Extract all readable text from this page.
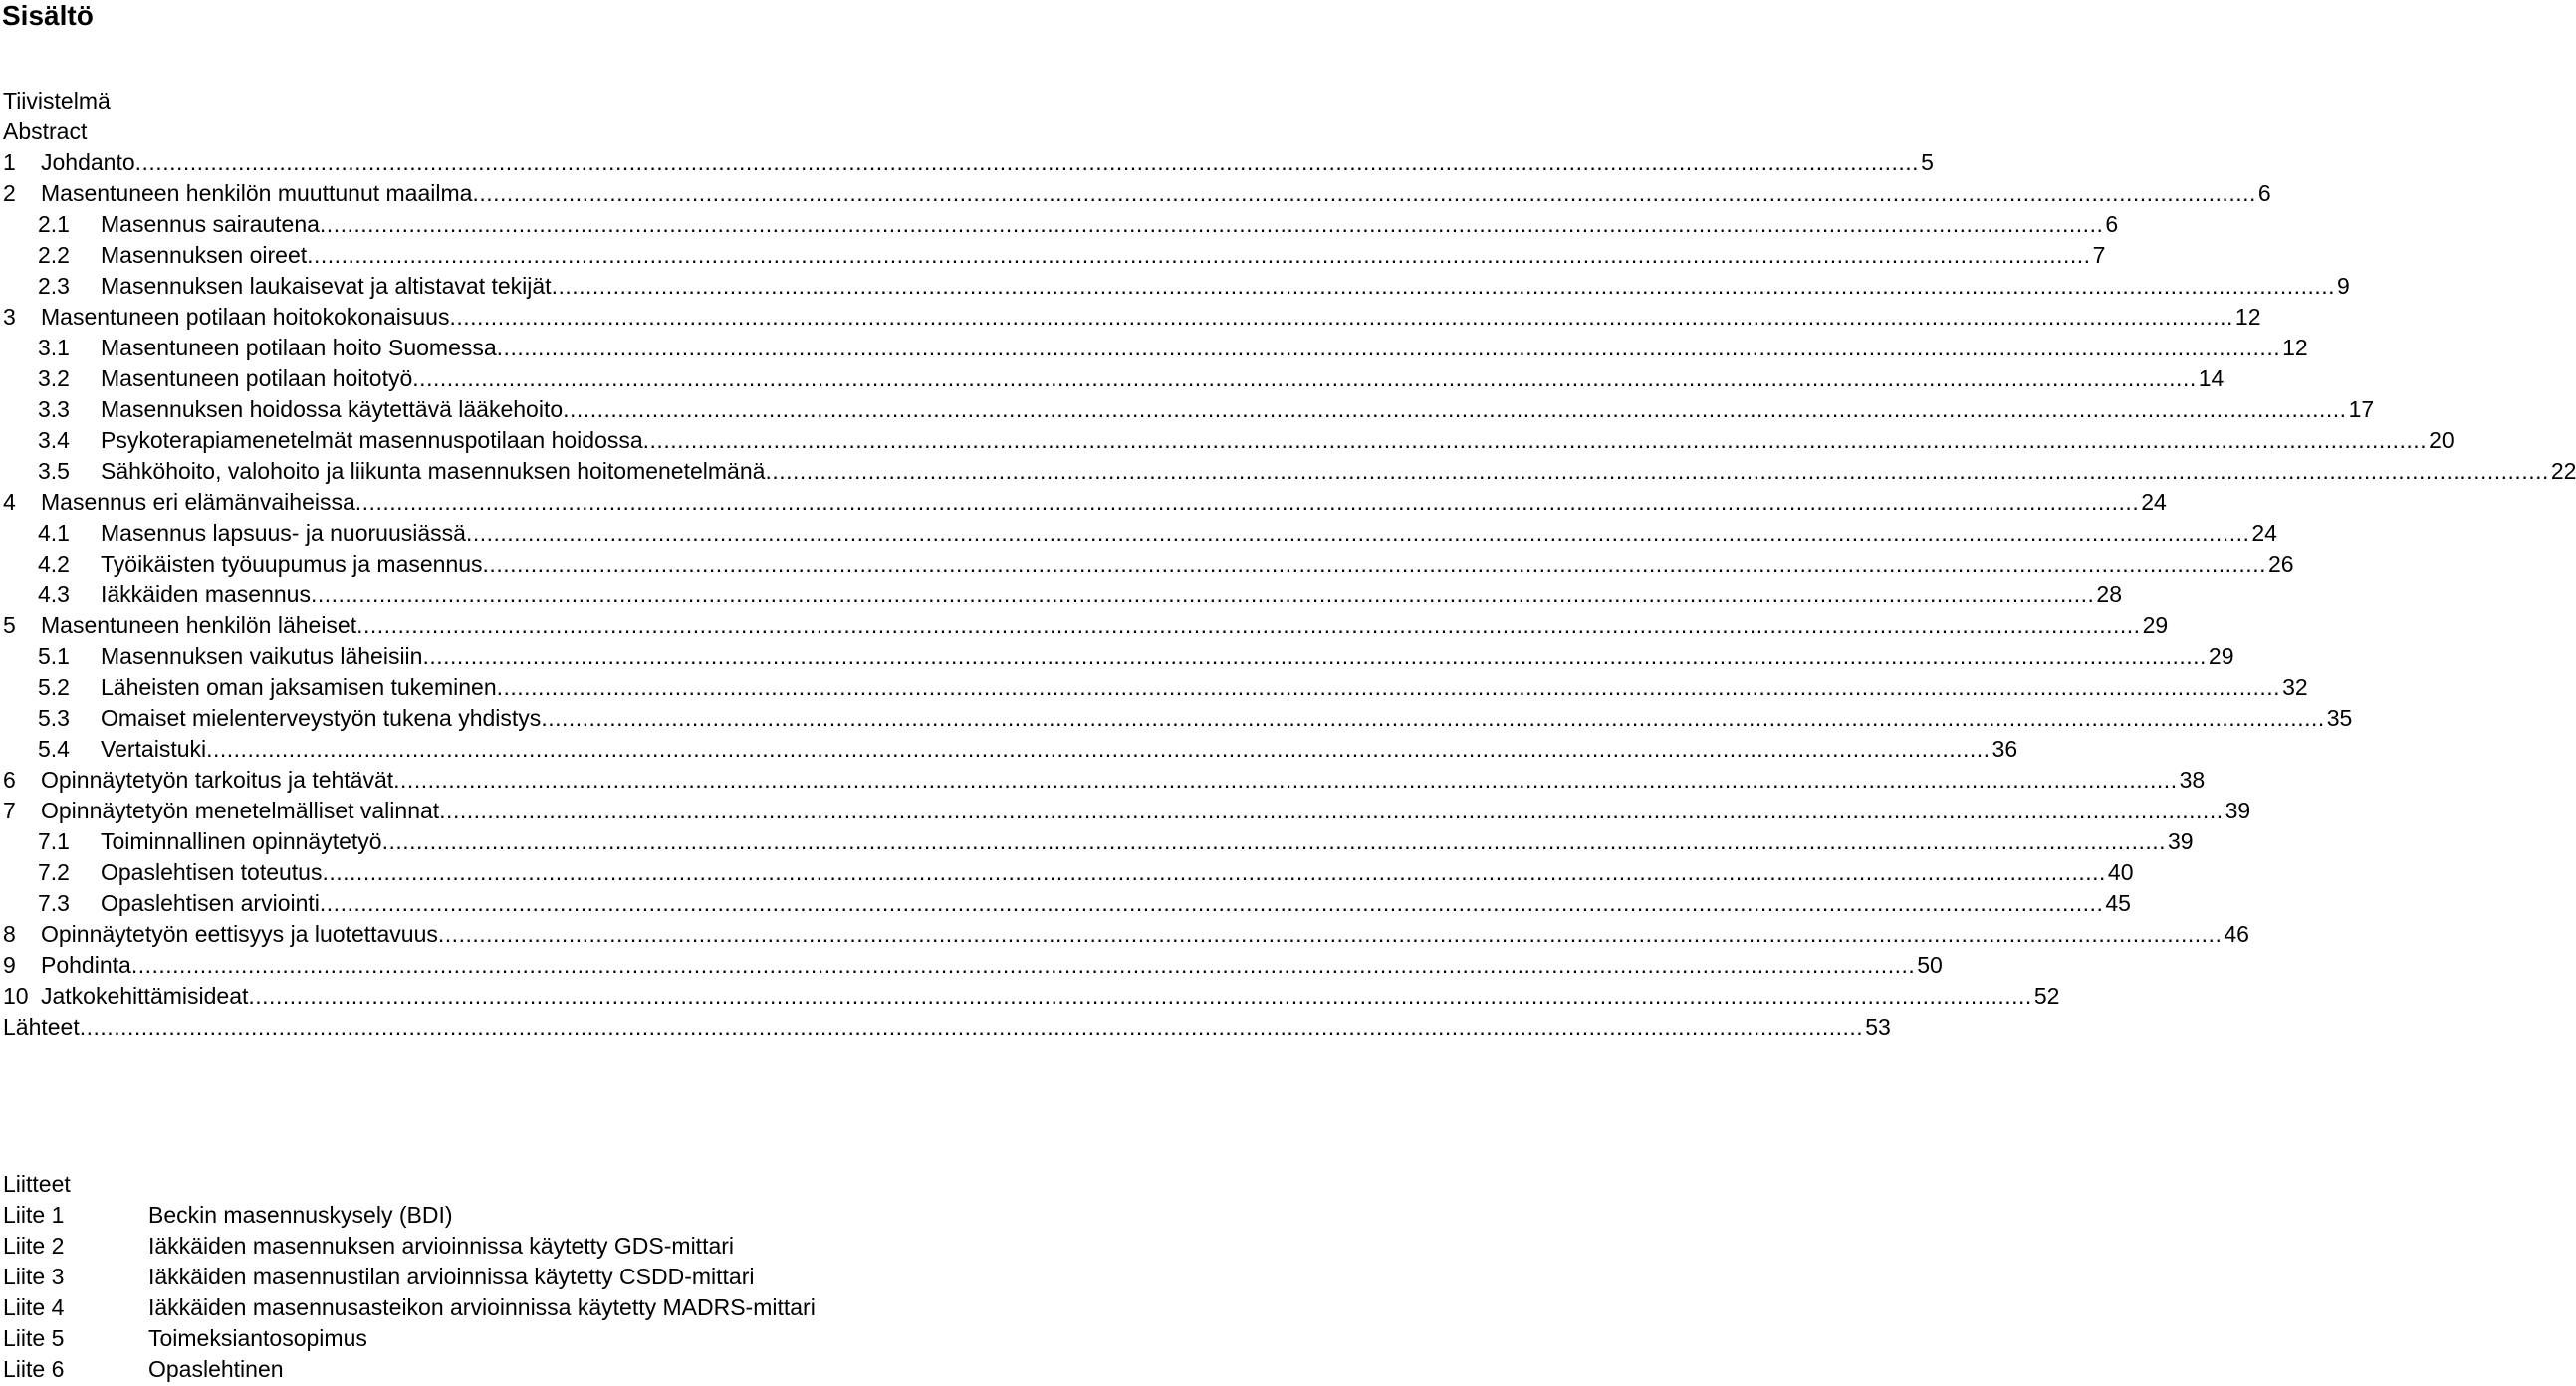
Sisältö
Tiivistelmä
Abstract
1 Johdanto .................................................................................................................................................................................................................................................................... 5
2 Masentuneen henkilön muuttunut maailma .................................................................................................................................................................................................................................................................... 6
2.1 Masennus sairautena .................................................................................................................................................................................................................................................................... 6
2.2 Masennuksen oireet .................................................................................................................................................................................................................................................................... 7
2.3 Masennuksen laukaisevat ja altistavat tekijät .................................................................................................................................................................................................................................................................... 9
3 Masentuneen potilaan hoitokokonaisuus .................................................................................................................................................................................................................................................................... 12
3.1 Masentuneen potilaan hoito Suomessa .................................................................................................................................................................................................................................................................... 12
3.2 Masentuneen potilaan hoitotyö .................................................................................................................................................................................................................................................................... 14
3.3 Masennuksen hoidossa käytettävä lääkehoito .................................................................................................................................................................................................................................................................... 17
3.4 Psykoterapiamenetelmät masennuspotilaan hoidossa .................................................................................................................................................................................................................................................................... 20
3.5 Sähköhoito, valohoito ja liikunta masennuksen hoitomenetelmänä .................................................................................................................................................................................................................................................................... 22
4 Masennus eri elämänvaiheissa .................................................................................................................................................................................................................................................................... 24
4.1 Masennus lapsuus- ja nuoruusiässä .................................................................................................................................................................................................................................................................... 24
4.2 Työikäisten työuupumus ja masennus .................................................................................................................................................................................................................................................................... 26
4.3 Iäkkäiden masennus .................................................................................................................................................................................................................................................................... 28
5 Masentuneen henkilön läheiset .................................................................................................................................................................................................................................................................... 29
5.1 Masennuksen vaikutus läheisiin .................................................................................................................................................................................................................................................................... 29
5.2 Läheisten oman jaksamisen tukeminen .................................................................................................................................................................................................................................................................... 32
5.3 Omaiset mielenterveystyön tukena yhdistys .................................................................................................................................................................................................................................................................... 35
5.4 Vertaistuki .................................................................................................................................................................................................................................................................... 36
6 Opinnäytetyön tarkoitus ja tehtävät .................................................................................................................................................................................................................................................................... 38
7 Opinnäytetyön menetelmälliset valinnat .................................................................................................................................................................................................................................................................... 39
7.1 Toiminnallinen opinnäytetyö .................................................................................................................................................................................................................................................................... 39
7.2 Opaslehtisen toteutus .................................................................................................................................................................................................................................................................... 40
7.3 Opaslehtisen arviointi .................................................................................................................................................................................................................................................................... 45
8 Opinnäytetyön eettisyys ja luotettavuus .................................................................................................................................................................................................................................................................... 46
9 Pohdinta .................................................................................................................................................................................................................................................................... 50
10 Jatkokehittämisideat .................................................................................................................................................................................................................................................................... 52
Lähteet .................................................................................................................................................................................................................................................................... 53
Liitteet
Liite 1	Beckin masennuskysely (BDI)
Liite 2	Iäkkäiden masennuksen arvioinnissa käytetty GDS-mittari
Liite 3	Iäkkäiden masennustilan arvioinnissa käytetty CSDD-mittari
Liite 4	Iäkkäiden masennusasteikon arvioinnissa käytetty MADRS-mittari
Liite 5	Toimeksiantosopimus
Liite 6	Opaslehtinen
